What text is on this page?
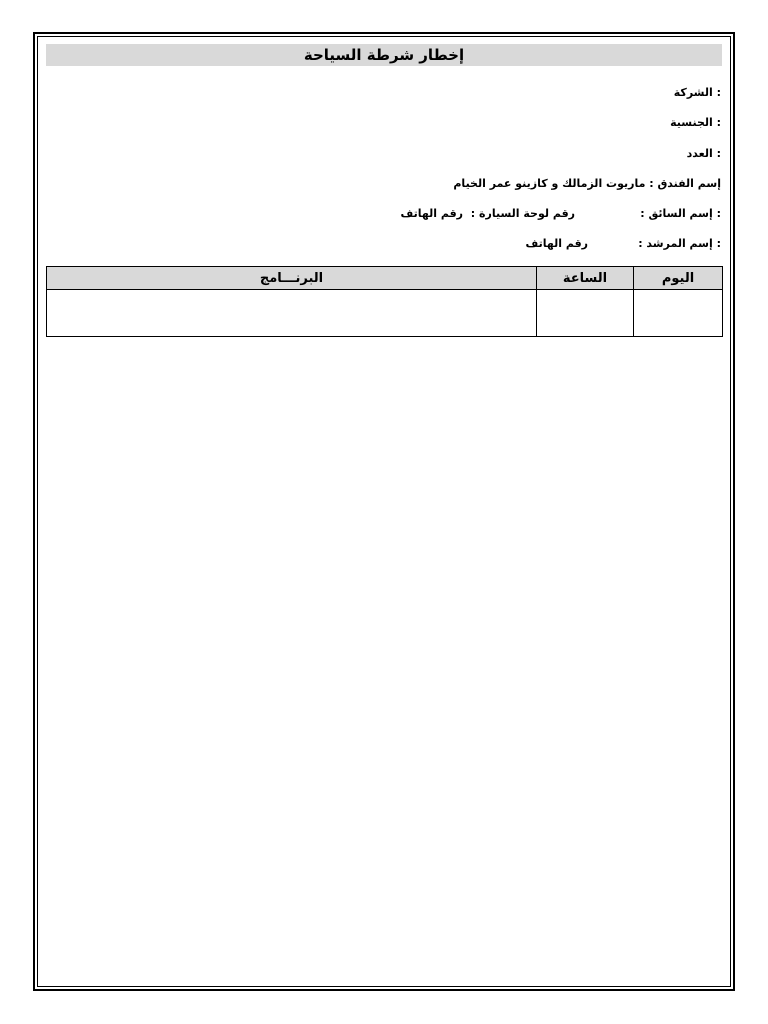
إخطار شرطة السياحة
: الشركة
: الجنسية
: العدد
إسم الفندق : ماريوت الزمالك و كازينو عمر الخيام
: إسم السائق :
رقم لوحة السيارة :
رقم الهاتف
: إسم المرشد :
رقم الهاتف
البرنـــامج	الساعة	اليوم
